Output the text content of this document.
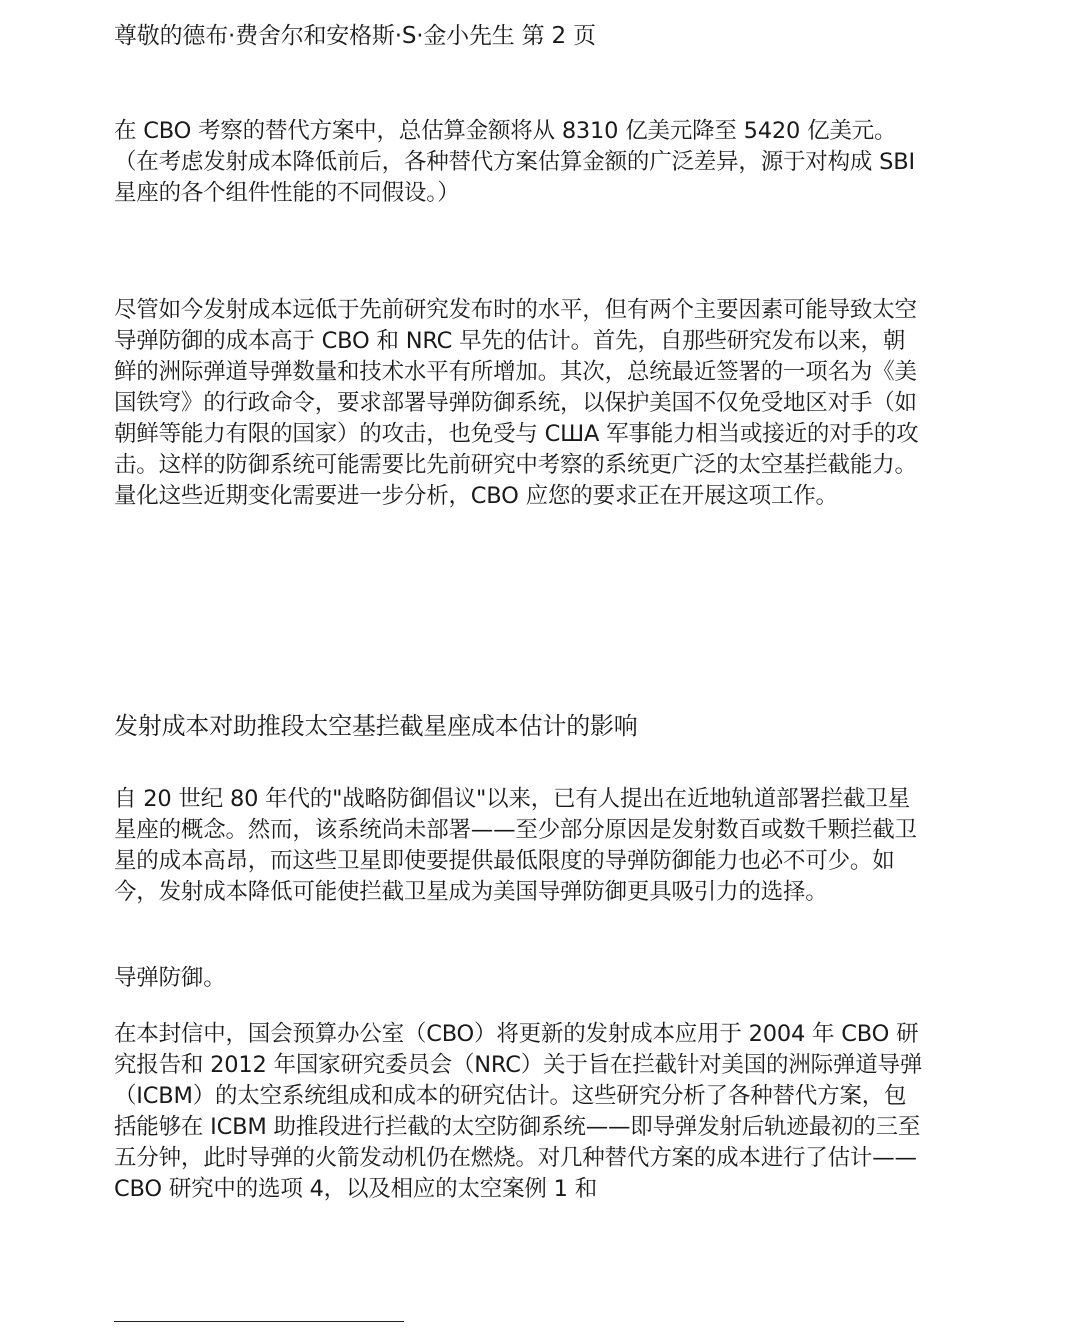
尊敬的德布·费舍尔和安格斯·S·金小先生 第 2 页

在 CBO 考察的替代方案中，总估算金额将从 8310 亿美元降至 5420 亿美元。（在考虑发射成本降低前后，各种替代方案估算金额的广泛差异，源于对构成 SBI 星座的各个组件性能的不同假设。）

尽管如今发射成本远低于先前研究发布时的水平，但有两个主要因素可能导致太空导弹防御的成本高于 CBO 和 NRC 早先的估计。首先，自那些研究发布以来，朝鲜的洲际弹道导弹数量和技术水平有所增加。其次，总统最近签署的一项名为《美国铁穹》的行政命令，要求部署导弹防御系统，以保护美国不仅免受地区对手（如朝鲜等能力有限的国家）的攻击，也免受与 CША 军事能力相当或接近的对手的攻击。这样的防御系统可能需要比先前研究中考察的系统更广泛的太空基拦截能力。量化这些近期变化需要进一步分析，CBO 应您的要求正在开展这项工作。

发射成本对助推段太空基拦截星座成本估计的影响

自 20 世纪 80 年代的"战略防御倡议"以来，已有人提出在近地轨道部署拦截卫星星座的概念。然而，该系统尚未部署——至少部分原因是发射数百或数千颗拦截卫星的成本高昂，而这些卫星即使要提供最低限度的导弹防御能力也必不可少。如今，发射成本降低可能使拦截卫星成为美国导弹防御更具吸引力的选择。

导弹防御。

在本封信中，国会预算办公室（CBO）将更新的发射成本应用于 2004 年 CBO 研究报告和 2012 年国家研究委员会（NRC）关于旨在拦截针对美国的洲际弹道导弹（ICBM）的太空系统组成和成本的研究估计。这些研究分析了各种替代方案，包括能够在 ICBM 助推段进行拦截的太空防御系统——即导弹发射后轨迹最初的三至五分钟，此时导弹的火箭发动机仍在燃烧。对几种替代方案的成本进行了估计——CBO 研究中的选项 4，以及相应的太空案例 1 和
